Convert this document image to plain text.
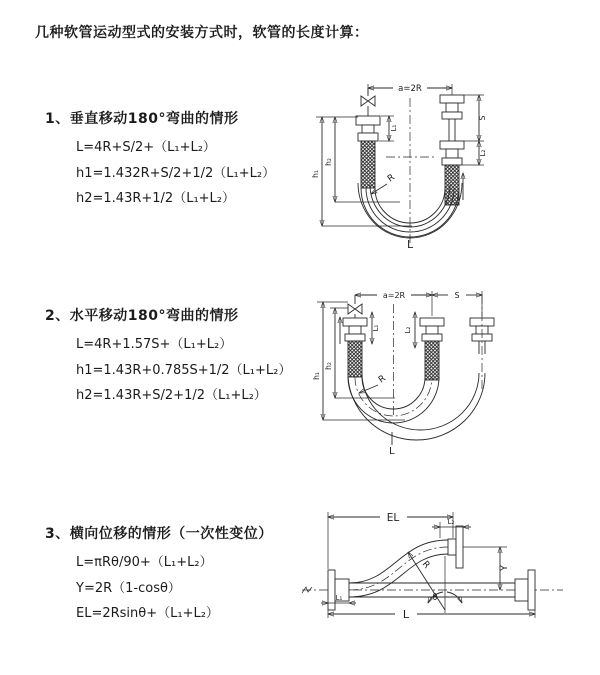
几种软管运动型式的安装方式时，软管的长度计算：
1、垂直移动180°弯曲的情形
L=4R+S/2+（L₁+L₂）
h1=1.432R+S/2+1/2（L₁+L₂）
h2=1.43R+1/2（L₁+L₂）
2、水平移动180°弯曲的情形
L=4R+1.57S+（L₁+L₂）
h1=1.43R+0.785S+1/2（L₁+L₂）
h2=1.43R+S/2+1/2（L₁+L₂）
3、横向位移的情形（一次性变位）
L=πRθ/90+（L₁+L₂）
Y=2R（1-cosθ）
EL=2Rsinθ+（L₁+L₂）
a=2R
L₁
S
L₂
h₁
h₂
R
L
a=2R	S
L₁	L₂
h₁
h₂
R
L
EL	L₂
Y
R
θ
L₁
L
